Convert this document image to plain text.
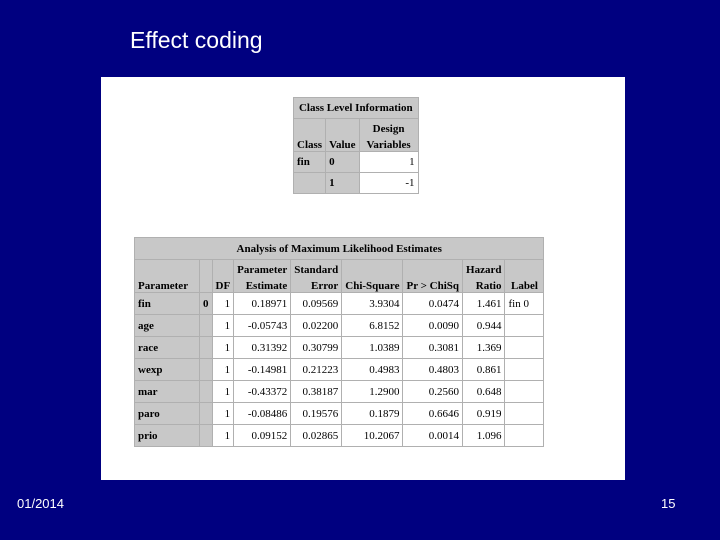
Effect coding
Class Level Information		
Class	Value	Design
		Variables
fin	0	1
	1	-1
Analysis of Maximum Likelihood Estimates								
Parameter		DF	Parameter	Standard	Chi-Square	Pr > ChiSq	Hazard	Label
			Estimate	Error			Ratio	
fin	0	1	0.18971	0.09569	3.9304	0.0474	1.461	fin 0
age		1	-0.05743	0.02200	6.8152	0.0090	0.944	
race		1	0.31392	0.30799	1.0389	0.3081	1.369	
wexp		1	-0.14981	0.21223	0.4983	0.4803	0.861	
mar		1	-0.43372	0.38187	1.2900	0.2560	0.648	
paro		1	-0.08486	0.19576	0.1879	0.6646	0.919	
prio		1	0.09152	0.02865	10.2067	0.0014	1.096	
01/2014	15
